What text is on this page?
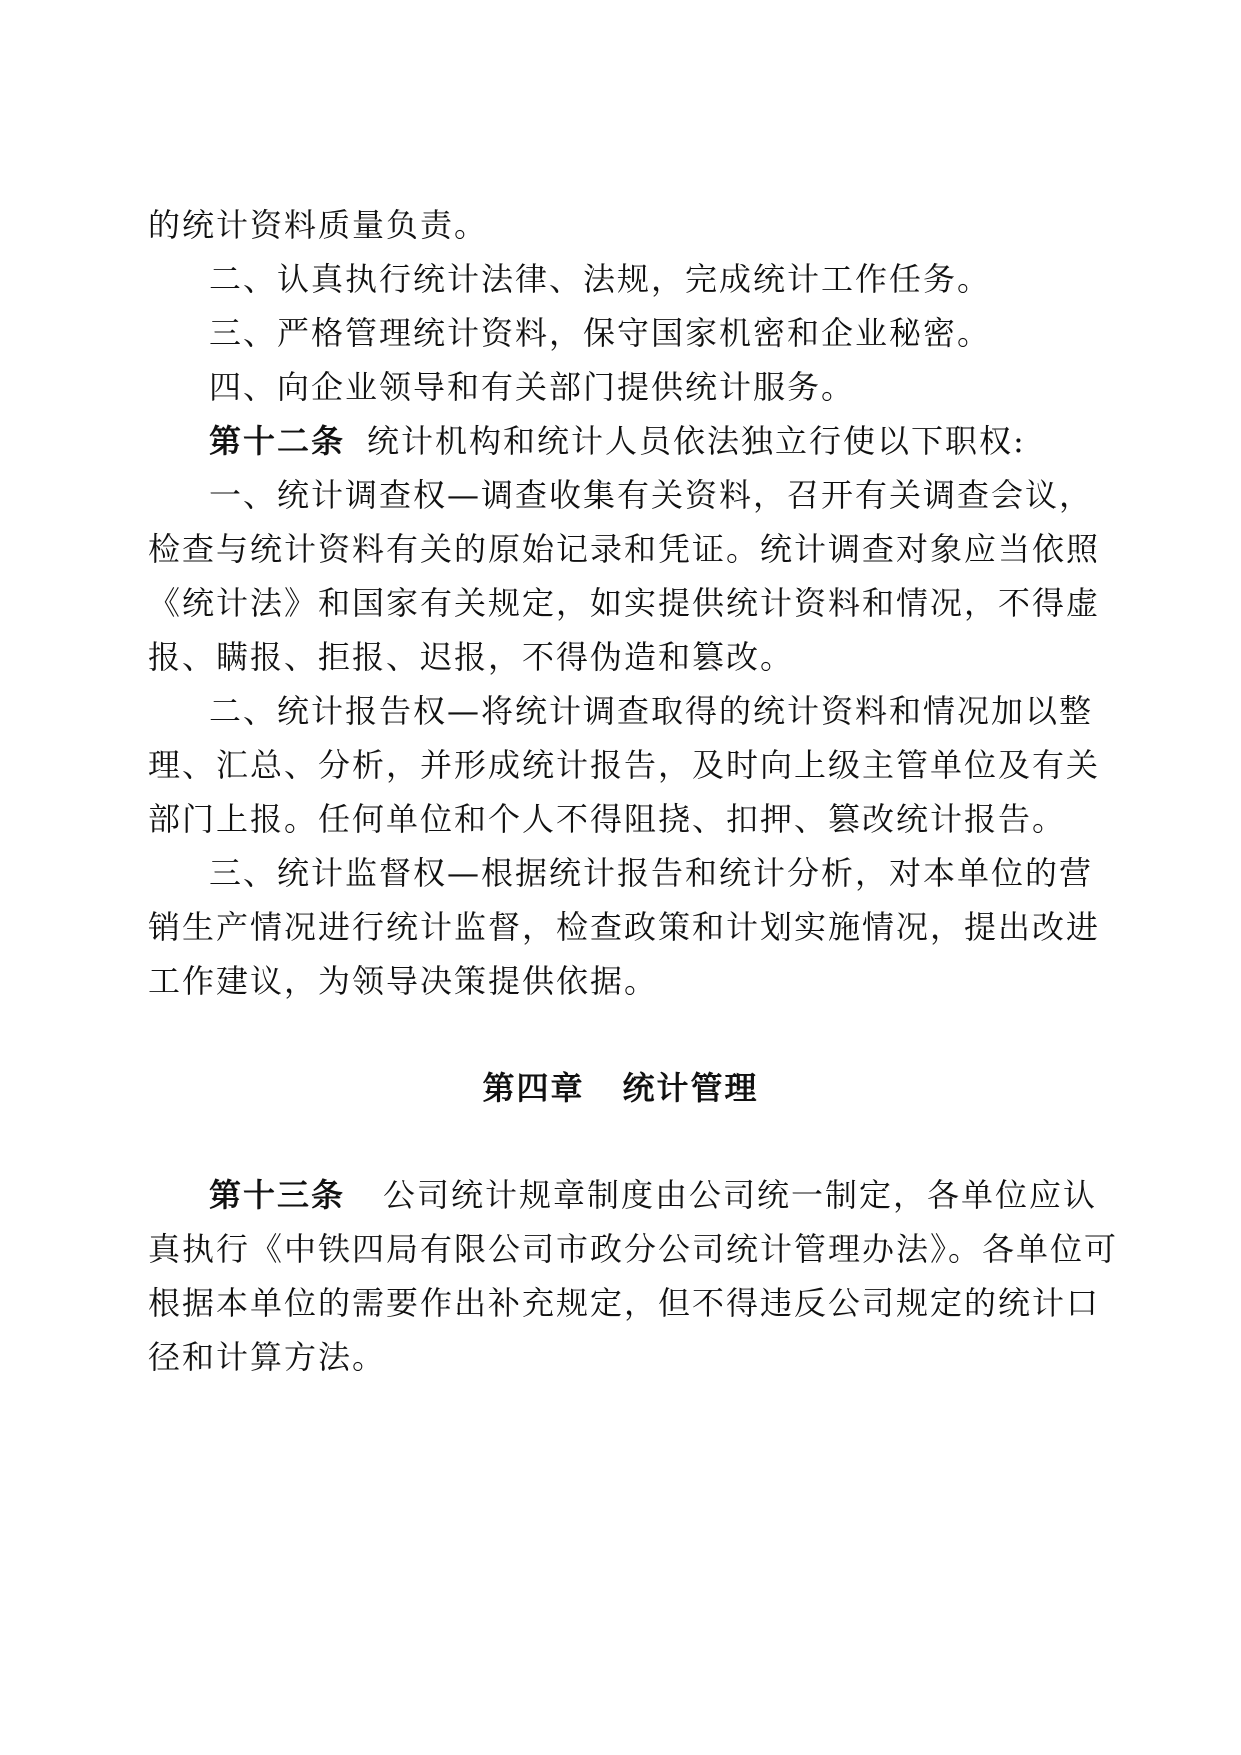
的统计资料质量负责。
二、认真执行统计法律、法规，完成统计工作任务。
三、严格管理统计资料，保守国家机密和企业秘密。
四、向企业领导和有关部门提供统计服务。
第十二条 统计机构和统计人员依法独立行使以下职权:
一、统计调查权—调查收集有关资料，召开有关调查会议，
检查与统计资料有关的原始记录和凭证。统计调查对象应当依照
《统计法》和国家有关规定，如实提供统计资料和情况，不得虚
报、瞒报、拒报、迟报，不得伪造和篡改。
二、统计报告权—将统计调查取得的统计资料和情况加以整
理、汇总、分析，并形成统计报告，及时向上级主管单位及有关
部门上报。任何单位和个人不得阻挠、扣押、篡改统计报告。
三、统计监督权—根据统计报告和统计分析，对本单位的营
销生产情况进行统计监督，检查政策和计划实施情况，提出改进
工作建议，为领导决策提供依据。
第四章 统计管理
第十三条 公司统计规章制度由公司统一制定，各单位应认
真执行《中铁四局有限公司市政分公司统计管理办法》。各单位可
根据本单位的需要作出补充规定，但不得违反公司规定的统计口
径和计算方法。
